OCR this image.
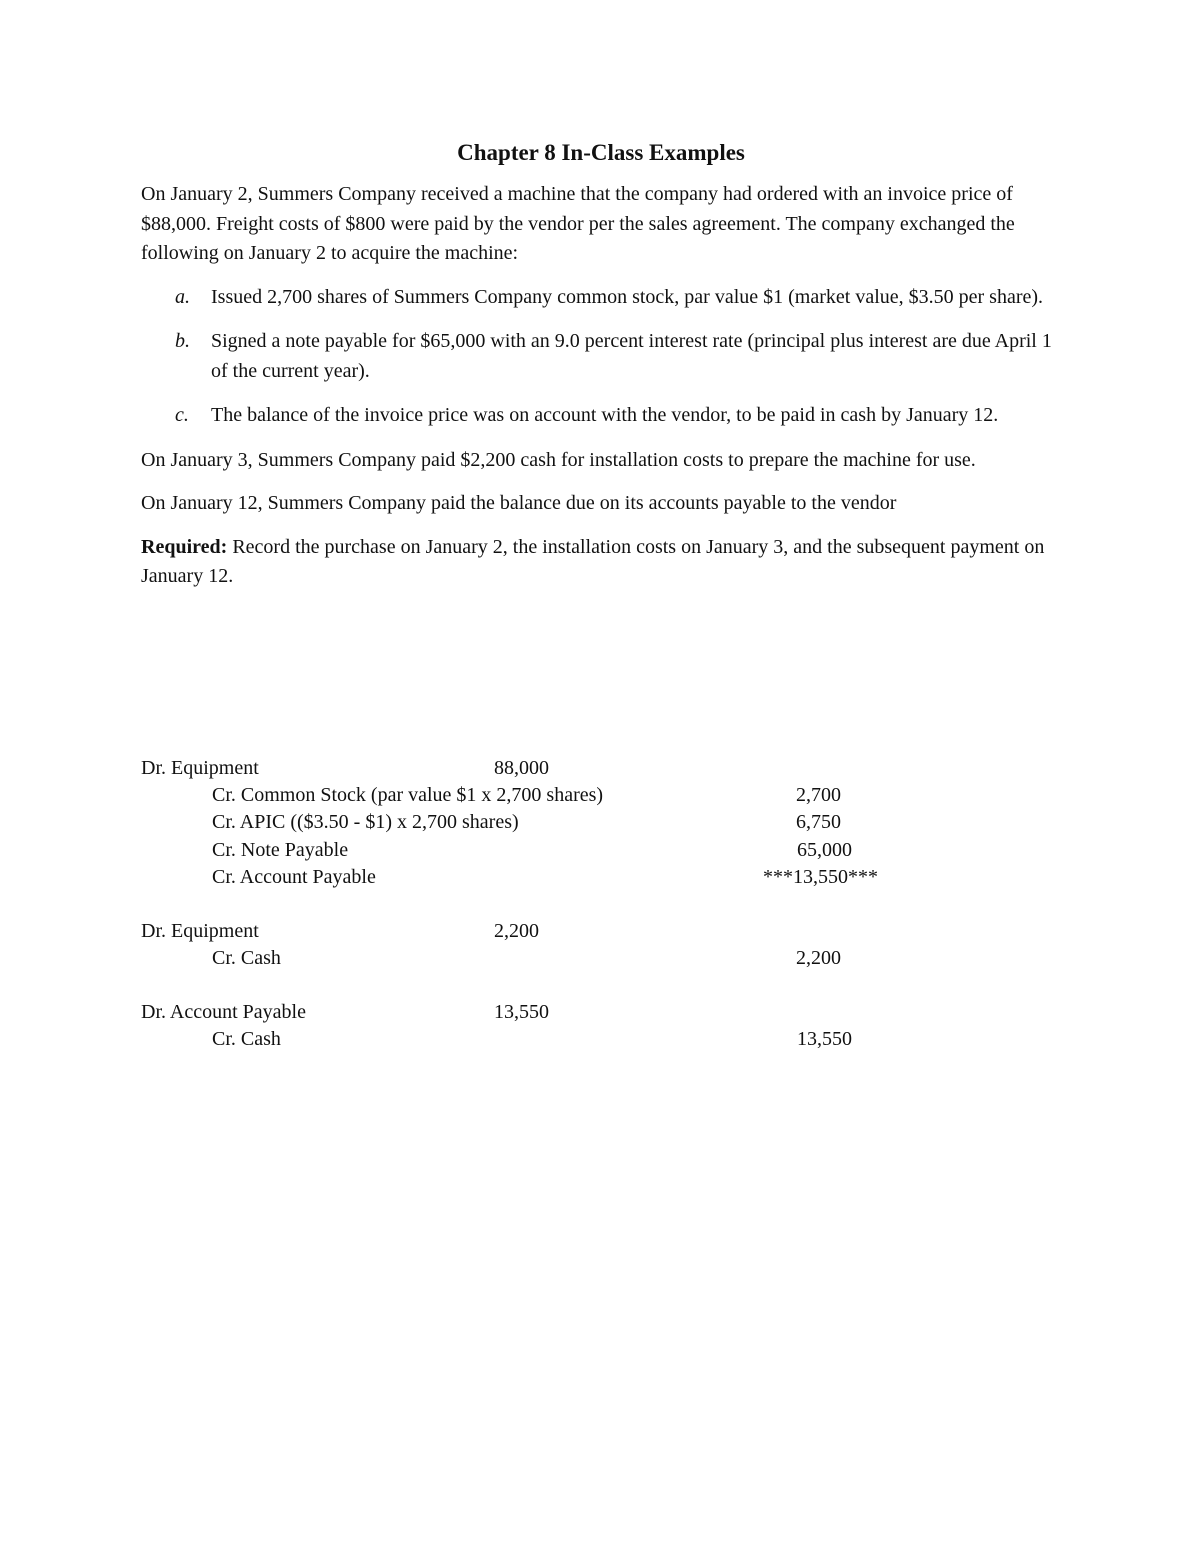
Chapter 8 In-Class Examples
On January 2, Summers Company received a machine that the company had ordered with an invoice price of $88,000. Freight costs of $800 were paid by the vendor per the sales agreement. The company exchanged the following on January 2 to acquire the machine:
a.	Issued 2,700 shares of Summers Company common stock, par value $1 (market value, $3.50 per share).
b.	Signed a note payable for $65,000 with an 9.0 percent interest rate (principal plus interest are due April 1 of the current year).
c.	The balance of the invoice price was on account with the vendor, to be paid in cash by January 12.
On January 3, Summers Company paid $2,200 cash for installation costs to prepare the machine for use.
On January 12, Summers Company paid the balance due on its accounts payable to the vendor
Required: Record the purchase on January 2, the installation costs on January 3, and the subsequent payment on January 12.
Dr. Equipment	88,000
Cr. Common Stock (par value $1 x 2,700 shares)	2,700
Cr. APIC (($3.50 - $1) x 2,700 shares)	6,750
Cr. Note Payable	65,000
Cr. Account Payable	***13,550***
Dr. Equipment	2,200
Cr. Cash	2,200
Dr. Account Payable	13,550
Cr. Cash	13,550
